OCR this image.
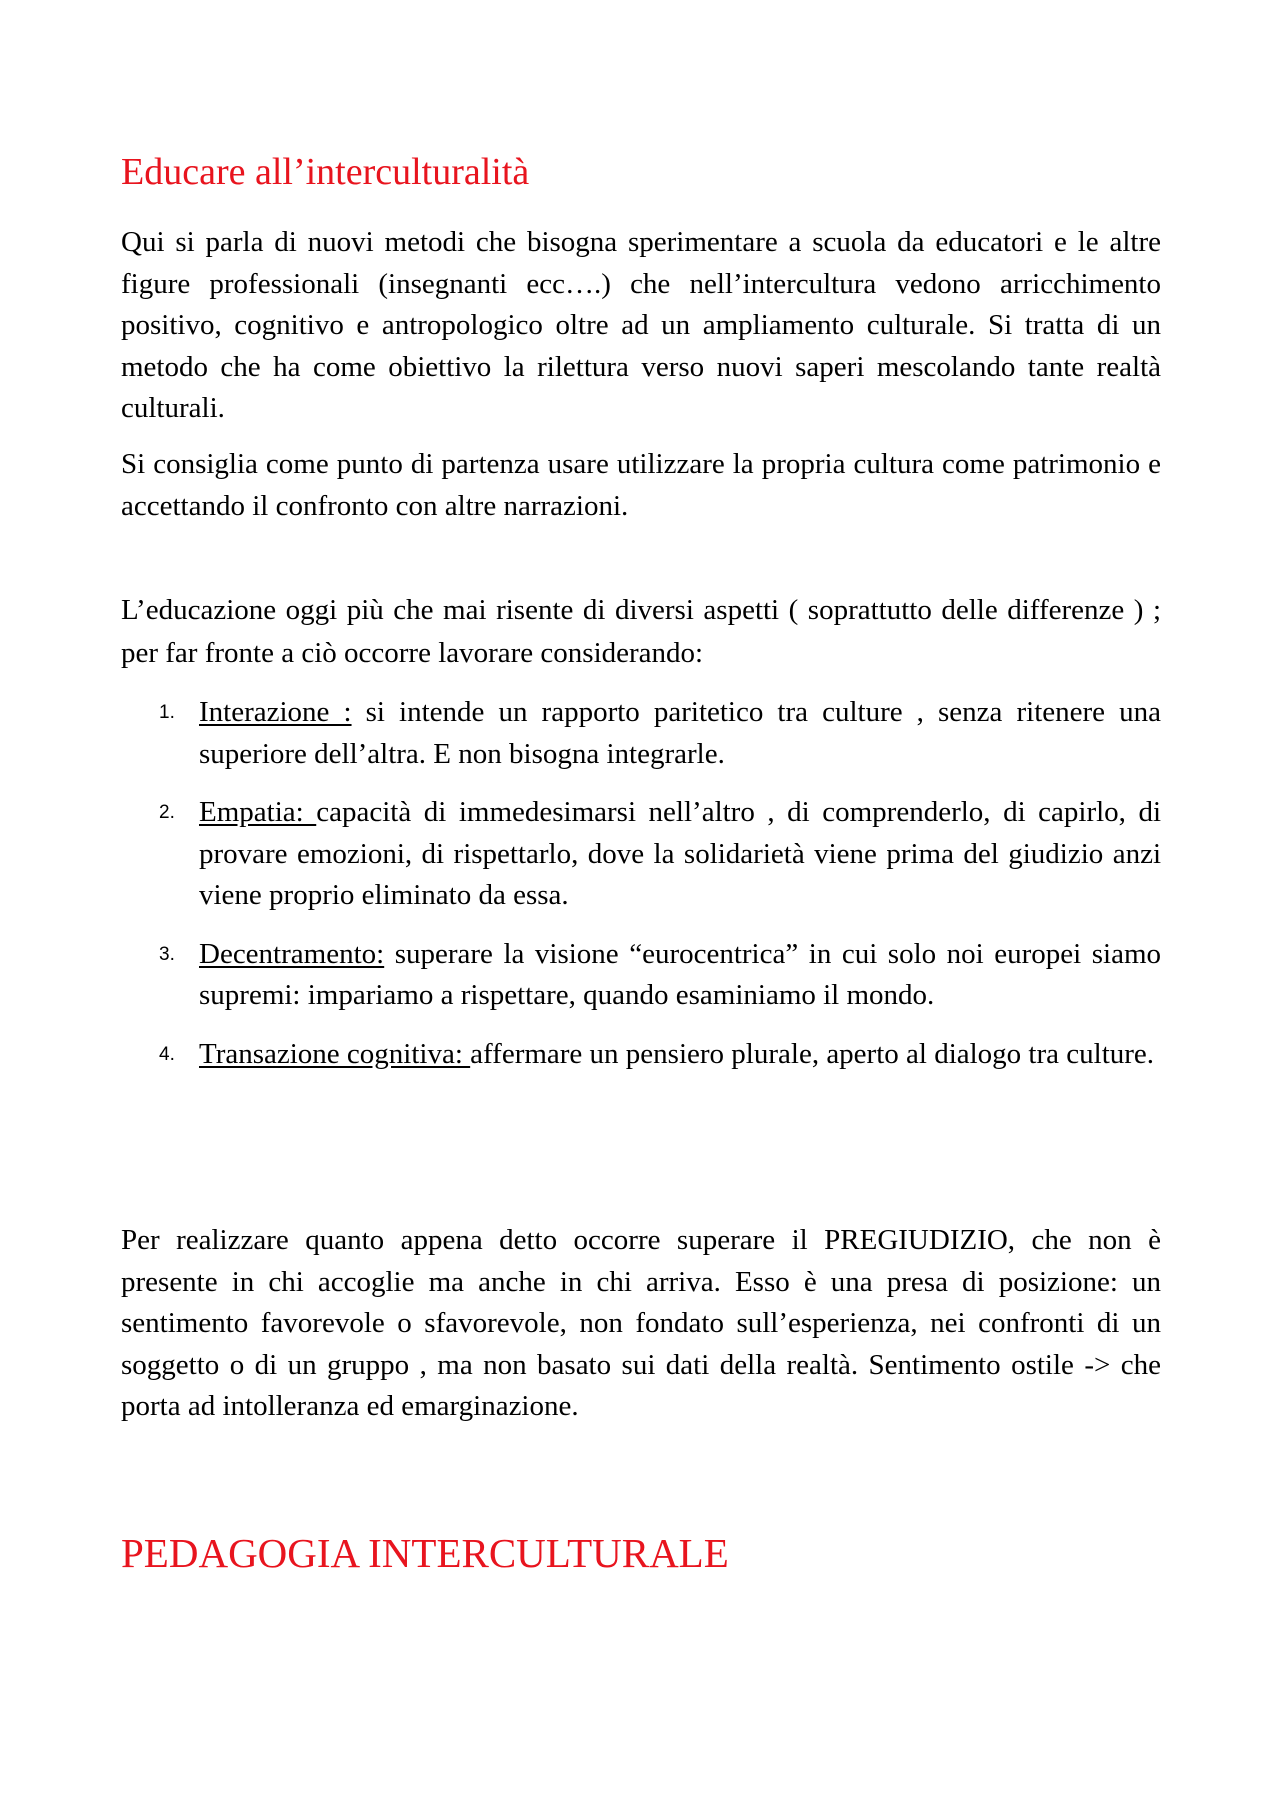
Educare all’interculturalità

Qui si parla di nuovi metodi che bisogna sperimentare a scuola da educatori e le altre figure professionali (insegnanti ecc….) che nell’intercultura vedono arricchimento positivo, cognitivo e antropologico oltre ad un ampliamento culturale. Si tratta di un metodo che ha come obiettivo la rilettura verso nuovi saperi mescolando tante realtà culturali.

Si consiglia come punto di partenza usare utilizzare la propria cultura come patrimonio e accettando il confronto con altre narrazioni.

L’educazione oggi più che mai risente di diversi aspetti ( soprattutto delle differenze ) ; per far fronte a ciò occorre lavorare considerando:

1. Interazione : si intende un rapporto paritetico tra culture , senza ritenere una superiore dell’altra. E non bisogna integrarle.
2. Empatia: capacità di immedesimarsi nell’altro , di comprenderlo, di capirlo, di provare emozioni, di rispettarlo, dove la solidarietà viene prima del giudizio anzi viene proprio eliminato da essa.
3. Decentramento: superare la visione “eurocentrica” in cui solo noi europei siamo supremi: impariamo a rispettare, quando esaminiamo il mondo.
4. Transazione cognitiva: affermare un pensiero plurale, aperto al dialogo tra culture.

Per realizzare quanto appena detto occorre superare il PREGIUDIZIO, che non è presente in chi accoglie ma anche in chi arriva. Esso è una presa di posizione: un sentimento favorevole o sfavorevole, non fondato sull’esperienza, nei confronti di un soggetto o di un gruppo , ma non basato sui dati della realtà. Sentimento ostile -> che porta ad intolleranza ed emarginazione.

PEDAGOGIA INTERCULTURALE
